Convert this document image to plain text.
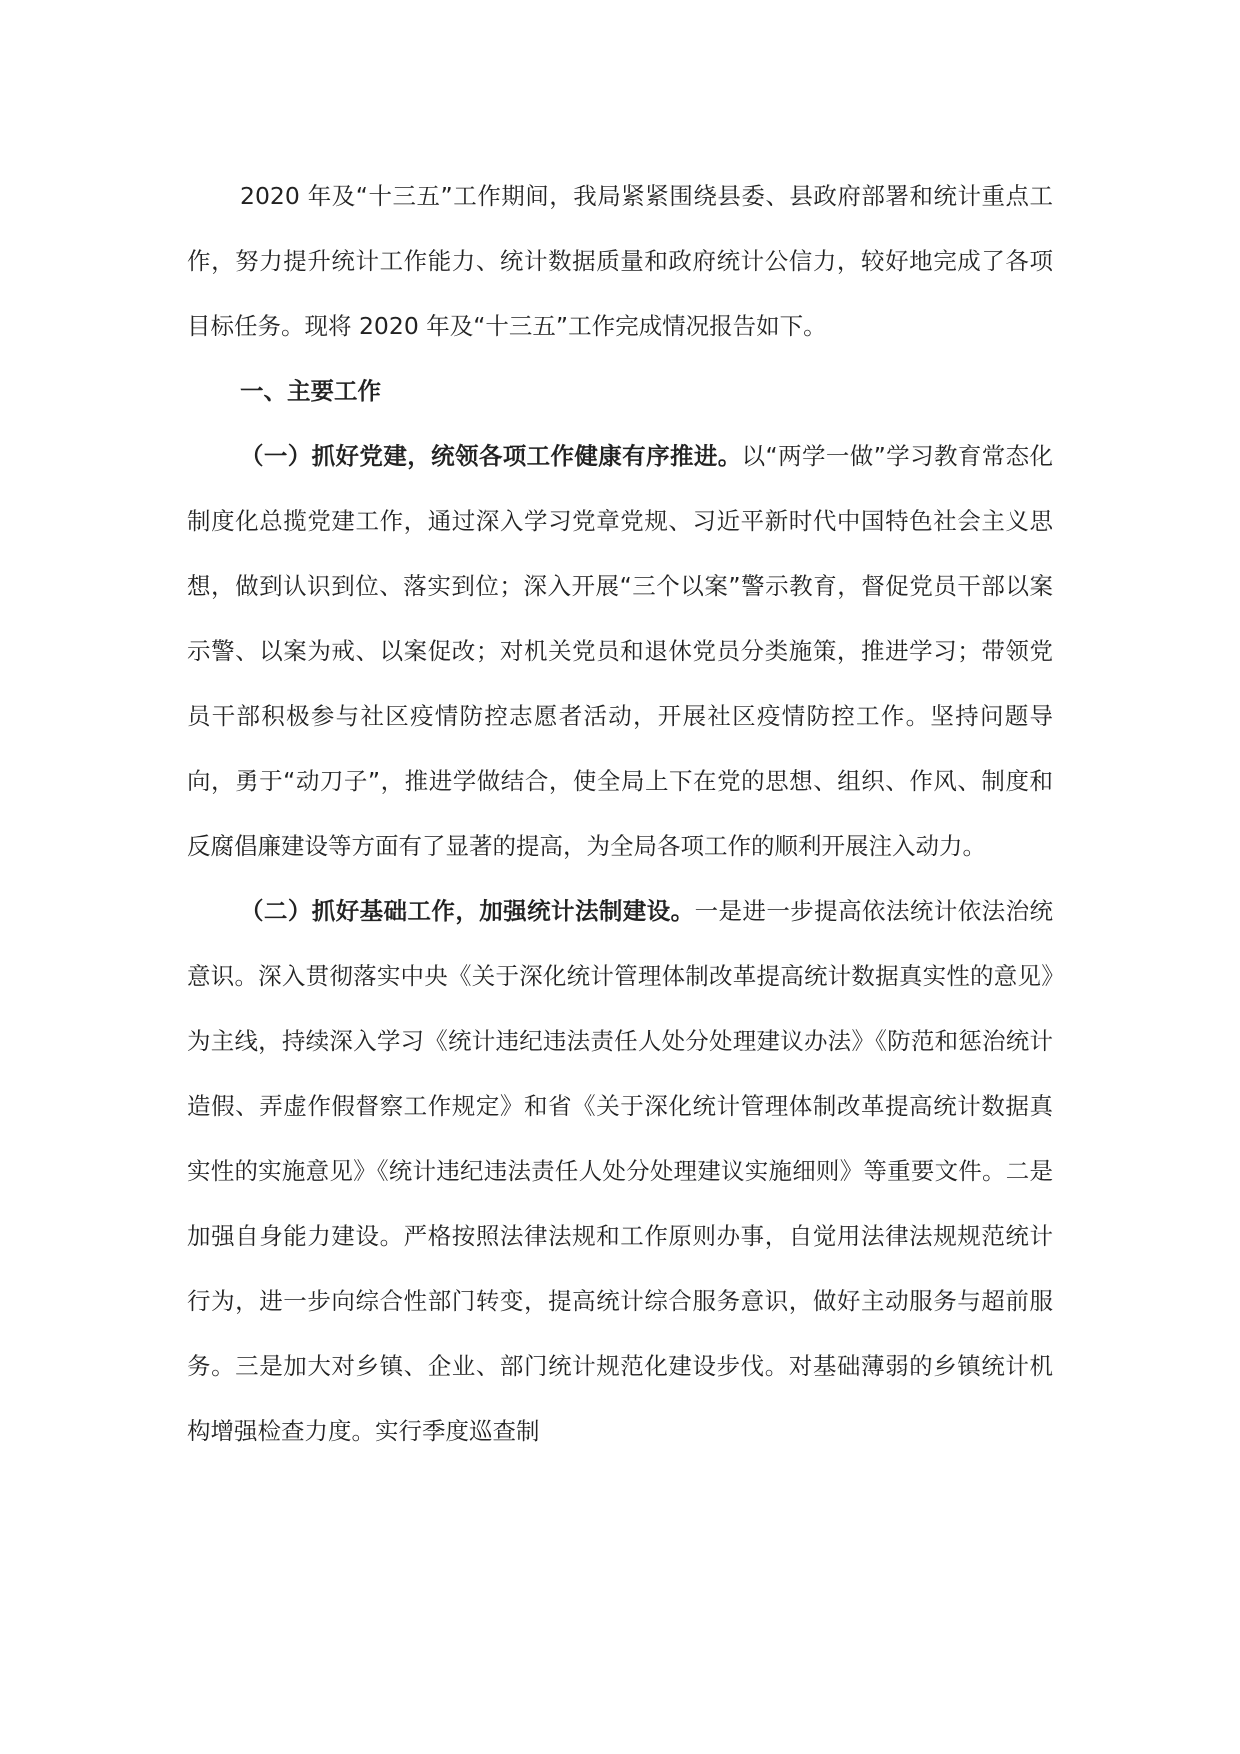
2020 年及“十三五”工作期间，我局紧紧围绕县委、县政府部署和统计重点工作，努力提升统计工作能力、统计数据质量和政府统计公信力，较好地完成了各项目标任务。现将 2020 年及“十三五”工作完成情况报告如下。

一、主要工作

（一）抓好党建，统领各项工作健康有序推进。以“两学一做”学习教育常态化制度化总揽党建工作，通过深入学习党章党规、习近平新时代中国特色社会主义思想，做到认识到位、落实到位；深入开展“三个以案”警示教育，督促党员干部以案示警、以案为戒、以案促改；对机关党员和退休党员分类施策，推进学习；带领党员干部积极参与社区疫情防控志愿者活动，开展社区疫情防控工作。坚持问题导向，勇于“动刀子”，推进学做结合，使全局上下在党的思想、组织、作风、制度和反腐倡廉建设等方面有了显著的提高，为全局各项工作的顺利开展注入动力。

（二）抓好基础工作，加强统计法制建设。一是进一步提高依法统计依法治统意识。深入贯彻落实中央《关于深化统计管理体制改革提高统计数据真实性的意见》为主线，持续深入学习《统计违纪违法责任人处分处理建议办法》《防范和惩治统计造假、弄虚作假督察工作规定》和省《关于深化统计管理体制改革提高统计数据真实性的实施意见》《统计违纪违法责任人处分处理建议实施细则》等重要文件。二是加强自身能力建设。严格按照法律法规和工作原则办事，自觉用法律法规规范统计行为，进一步向综合性部门转变，提高统计综合服务意识，做好主动服务与超前服务。三是加大对乡镇、企业、部门统计规范化建设步伐。对基础薄弱的乡镇统计机构增强检查力度。实行季度巡查制
